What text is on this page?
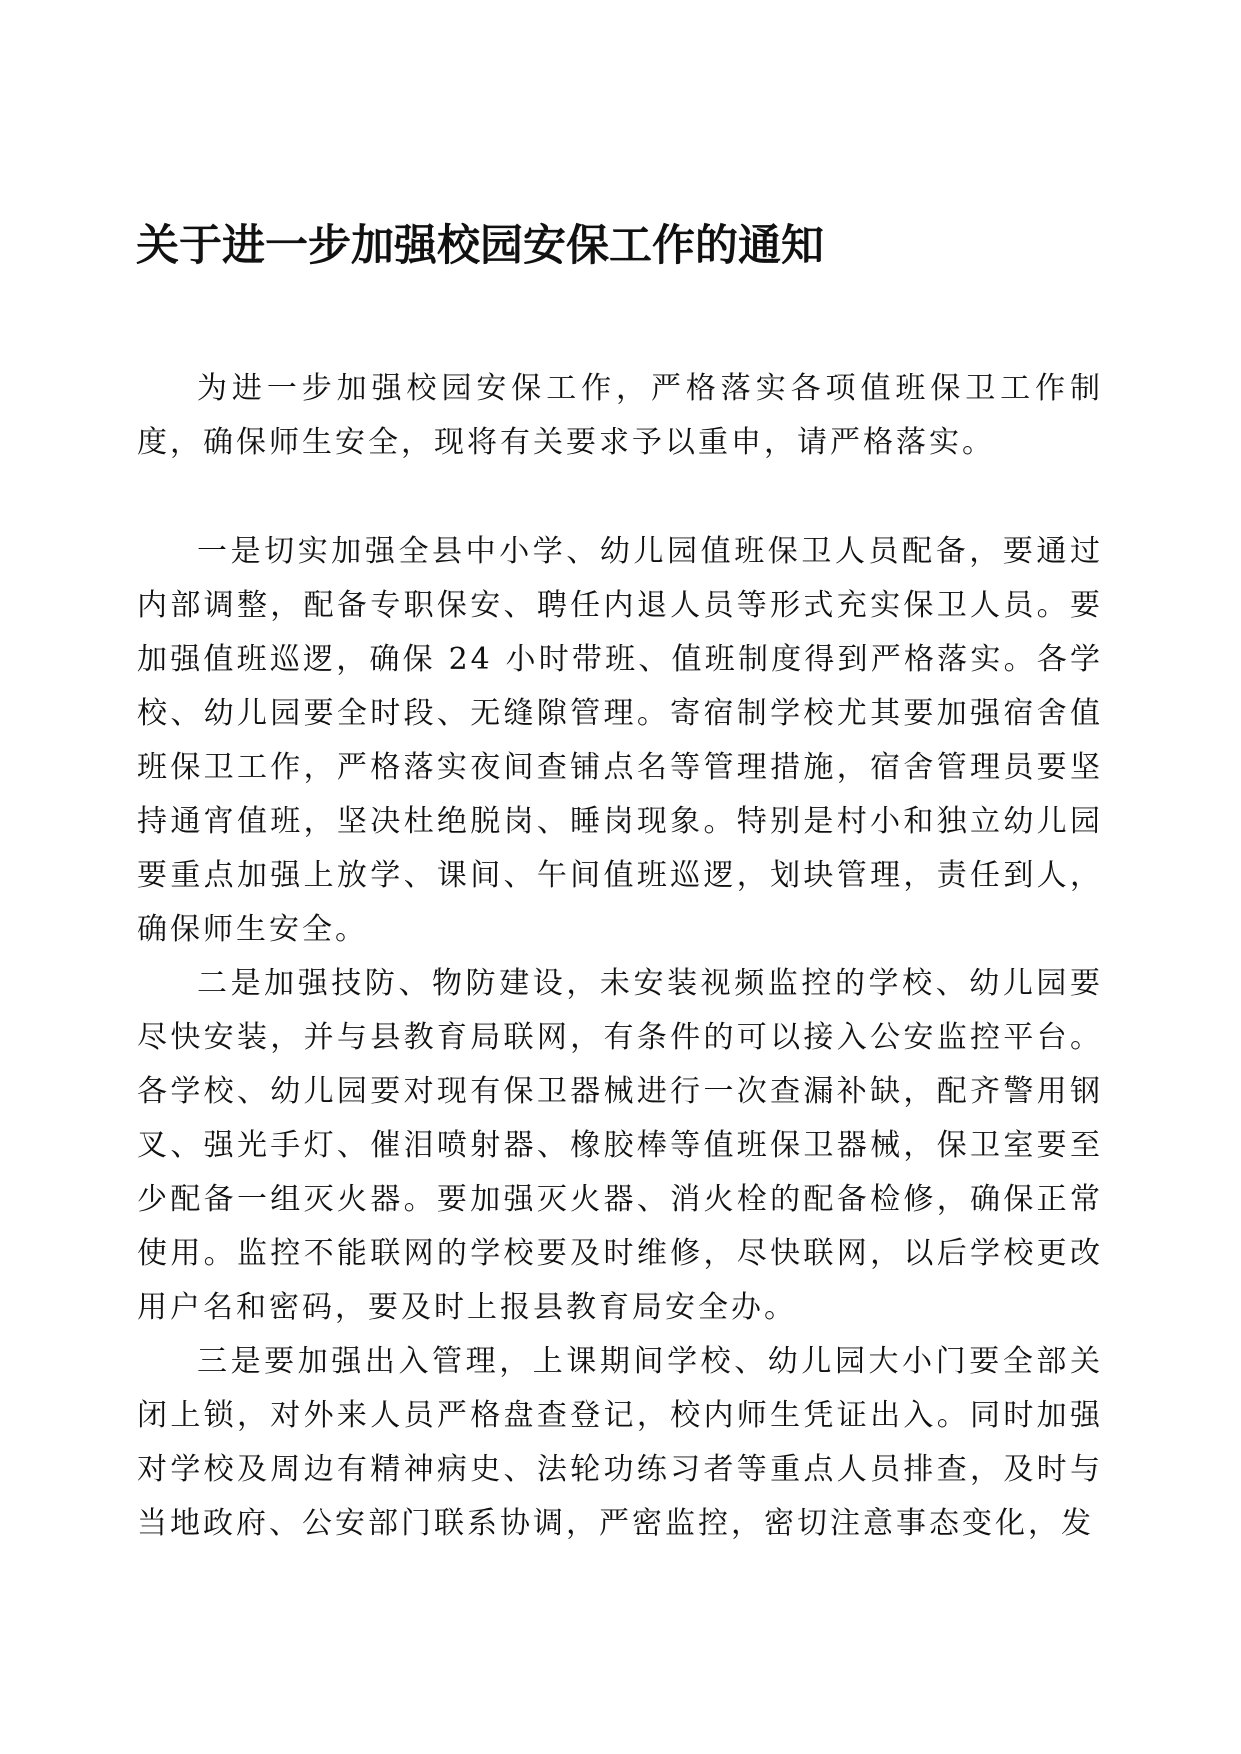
关于进一步加强校园安保工作的通知

为进一步加强校园安保工作，严格落实各项值班保卫工作制度，确保师生安全，现将有关要求予以重申，请严格落实。

一是切实加强全县中小学、幼儿园值班保卫人员配备，要通过内部调整，配备专职保安、聘任内退人员等形式充实保卫人员。要加强值班巡逻，确保 24 小时带班、值班制度得到严格落实。各学校、幼儿园要全时段、无缝隙管理。寄宿制学校尤其要加强宿舍值班保卫工作，严格落实夜间查铺点名等管理措施，宿舍管理员要坚持通宵值班，坚决杜绝脱岗、睡岗现象。特别是村小和独立幼儿园要重点加强上放学、课间、午间值班巡逻，划块管理，责任到人，确保师生安全。

二是加强技防、物防建设，未安装视频监控的学校、幼儿园要尽快安装，并与县教育局联网，有条件的可以接入公安监控平台。各学校、幼儿园要对现有保卫器械进行一次查漏补缺，配齐警用钢叉、强光手灯、催泪喷射器、橡胶棒等值班保卫器械，保卫室要至少配备一组灭火器。要加强灭火器、消火栓的配备检修，确保正常使用。监控不能联网的学校要及时维修，尽快联网，以后学校更改用户名和密码，要及时上报县教育局安全办。

三是要加强出入管理，上课期间学校、幼儿园大小门要全部关闭上锁，对外来人员严格盘查登记，校内师生凭证出入。同时加强对学校及周边有精神病史、法轮功练习者等重点人员排查，及时与当地政府、公安部门联系协调，严密监控，密切注意事态变化，发
